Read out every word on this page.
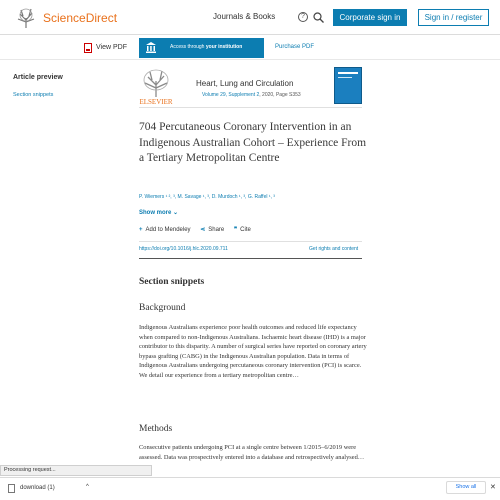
ScienceDirect	Journals & Books	?	Corporate sign in	Sign in / register
View PDF	Access through your institution	Purchase PDF
Article preview
Section snippets
ELSEVIER
Heart, Lung and Circulation
Volume 29, Supplement 2, 2020, Page S353
704 Percutaneous Coronary Intervention in an Indigenous Australian Cohort – Experience From a Tertiary Metropolitan Centre
P. Wiemers ¹ ², ³, M. Savage ¹, ³, D. Murdoch ¹, ³, G. Raffel ¹, ³
Show more ⌄
+ Add to Mendeley ⋖ Share ❞ Cite
https://doi.org/10.1016/j.hlc.2020.09.711	Get rights and content
Section snippets
Background
Indigenous Australians experience poor health outcomes and reduced life expectancy when compared to non-Indigenous Australians. Ischaemic heart disease (IHD) is a major contributor to this disparity. A number of surgical series have reported on coronary artery bypass grafting (CABG) in the Indigenous Australian population. Data in terms of Indigenous Australians undergoing percutaneous coronary intervention (PCI) is scarce. We detail our experience from a tertiary metropolitan centre…
Methods
Consecutive patients undergoing PCI at a single centre between 1/2015–6/2019 were assessed. Data was prospectively entered into a database and retrospectively analysed…
Processing request...
download (1)	^	Show all	✕
